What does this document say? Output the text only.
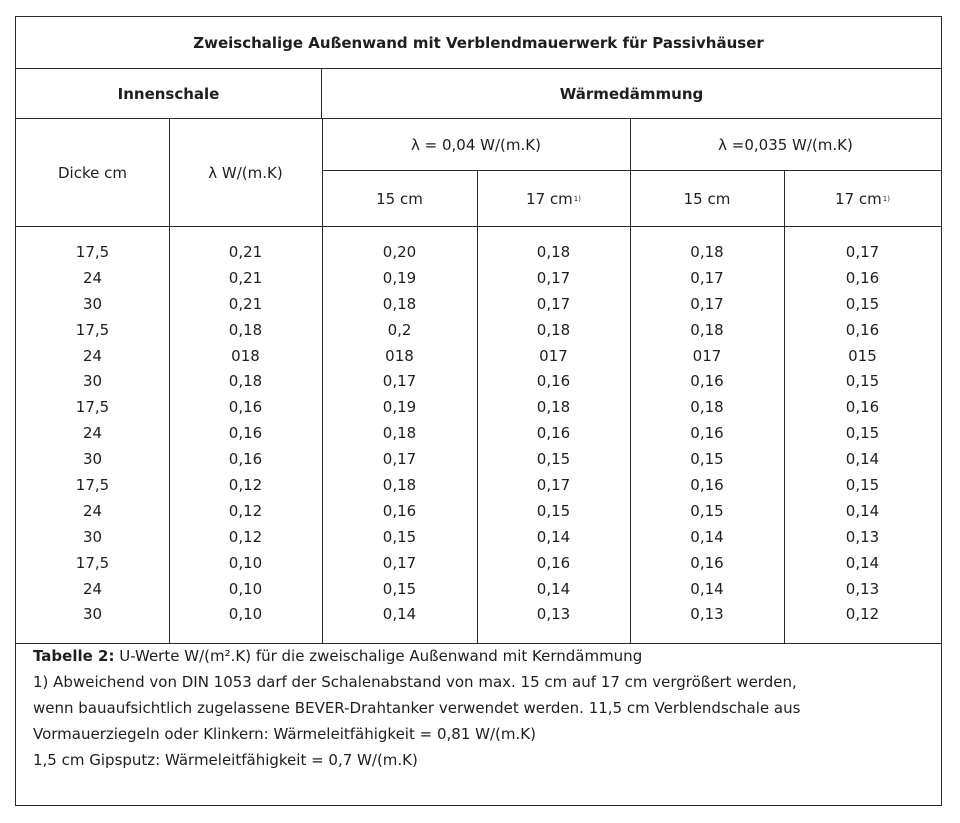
Zweischalige Außenwand mit Verblendmauerwerk für Passivhäuser
Innenschale	Wärmedämmung
Dicke cm	λ W/(m.K)
λ = 0,04 W/(m.K)	λ =0,035 W/(m.K)
15 cm	17 cm 1)	15 cm	17 cm 1)
17,5	0,21	0,20	0,18	0,18	0,17
24	0,21	0,19	0,17	0,17	0,16
30	0,21	0,18	0,17	0,17	0,15
17,5	0,18	0,2	0,18	0,18	0,16
24	018	018	017	017	015
30	0,18	0,17	0,16	0,16	0,15
17,5	0,16	0,19	0,18	0,18	0,16
24	0,16	0,18	0,16	0,16	0,15
30	0,16	0,17	0,15	0,15	0,14
17,5	0,12	0,18	0,17	0,16	0,15
24	0,12	0,16	0,15	0,15	0,14
30	0,12	0,15	0,14	0,14	0,13
17,5	0,10	0,17	0,16	0,16	0,14
24	0,10	0,15	0,14	0,14	0,13
30	0,10	0,14	0,13	0,13	0,12
Tabelle 2: U-Werte W/(m².K) für die zweischalige Außenwand mit Kerndämmung
1) Abweichend von DIN 1053 darf der Schalenabstand von max. 15 cm auf 17 cm vergrößert werden,
wenn bauaufsichtlich zugelassene BEVER-Drahtanker verwendet werden. 11,5 cm Verblendschale aus
Vormauerziegeln oder Klinkern: Wärmeleitfähigkeit = 0,81 W/(m.K)
1,5 cm Gipsputz: Wärmeleitfähigkeit = 0,7 W/(m.K)
